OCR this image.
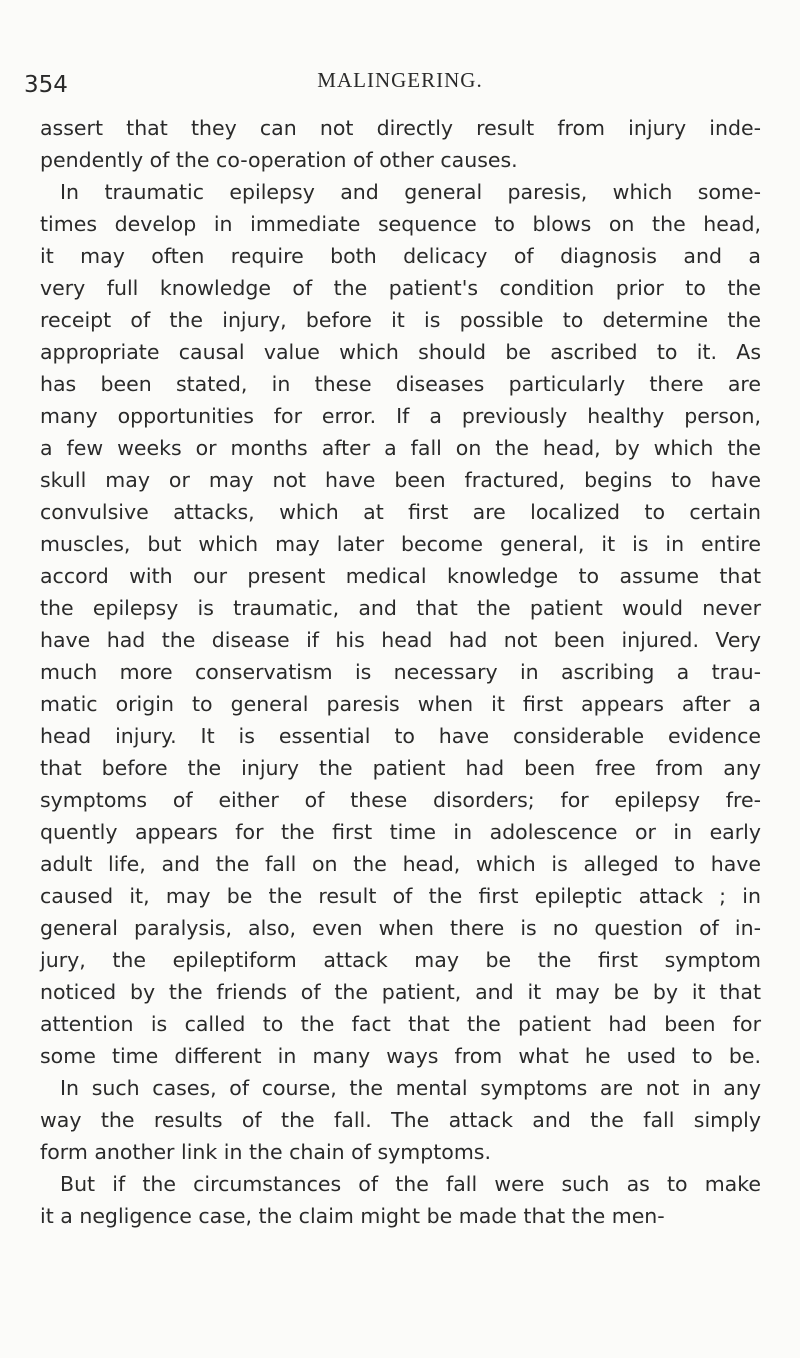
354	MALINGERING.
assert that they can not directly result from injury inde-
pendently of the co-operation of other causes.
In traumatic epilepsy and general paresis, which some-
times develop in immediate sequence to blows on the head,
it may often require both delicacy of diagnosis and a
very full knowledge of the patient's condition prior to the
receipt of the injury, before it is possible to determine the
appropriate causal value which should be ascribed to it. As
has been stated, in these diseases particularly there are
many opportunities for error. If a previously healthy person,
a few weeks or months after a fall on the head, by which the
skull may or may not have been fractured, begins to have
convulsive attacks, which at first are localized to certain
muscles, but which may later become general, it is in entire
accord with our present medical knowledge to assume that
the epilepsy is traumatic, and that the patient would never
have had the disease if his head had not been injured. Very
much more conservatism is necessary in ascribing a trau-
matic origin to general paresis when it first appears after a
head injury. It is essential to have considerable evidence
that before the injury the patient had been free from any
symptoms of either of these disorders; for epilepsy fre-
quently appears for the first time in adolescence or in early
adult life, and the fall on the head, which is alleged to have
caused it, may be the result of the first epileptic attack ; in
general paralysis, also, even when there is no question of in-
jury, the epileptiform attack may be the first symptom
noticed by the friends of the patient, and it may be by it that
attention is called to the fact that the patient had been for
some time different in many ways from what he used to be.
In such cases, of course, the mental symptoms are not in any
way the results of the fall. The attack and the fall simply
form another link in the chain of symptoms.
But if the circumstances of the fall were such as to make
it a negligence case, the claim might be made that the men-
